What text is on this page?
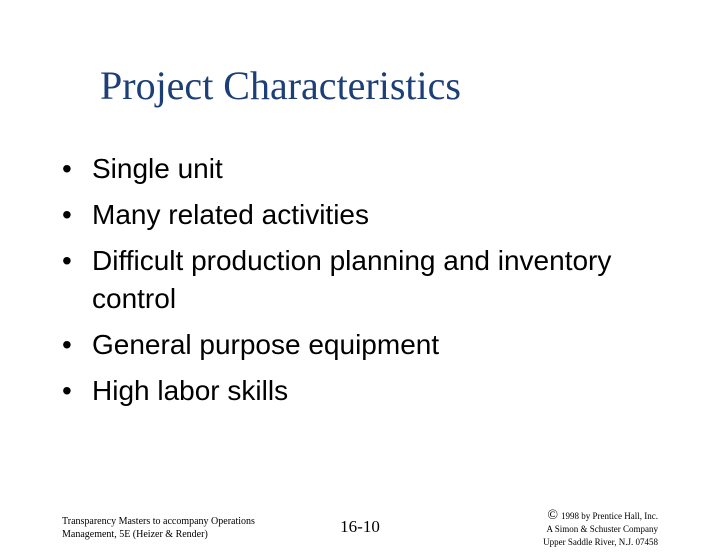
Project Characteristics
• Single unit
• Many related activities
• Difficult production planning and inventory control
• General purpose equipment
• High labor skills
Transparency Masters to accompany Operations
Management, 5E (Heizer & Render)	16-10
© 1998 by Prentice Hall, Inc.
A Simon & Schuster Company
Upper Saddle River, N.J. 07458
